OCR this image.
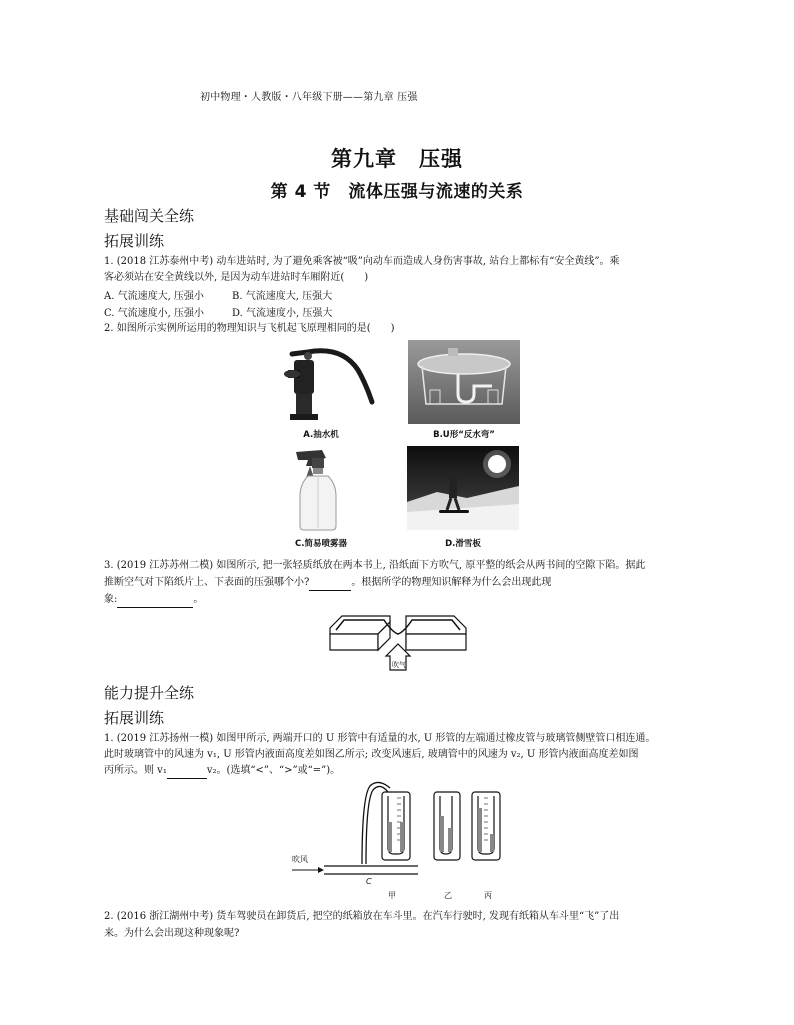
初中物理・人教版・八年级下册——第九章 压强
第九章　压强
第 4 节　流体压强与流速的关系
基础闯关全练
拓展训练
1. (2018 江苏泰州中考) 动车进站时, 为了避免乘客被“吸”向动车而造成人身伤害事故, 站台上都标有“安全黄线”。乘
客必须站在安全黄线以外, 是因为动车进站时车厢附近(　　)
A. 气流速度大, 压强小	B. 气流速度大, 压强大
C. 气流速度小, 压强小	D. 气流速度小, 压强大
2. 如图所示实例所运用的物理知识与飞机起飞原理相同的是(　　)
A.抽水机	B.U形“反水弯”
C.简易喷雾器	D.滑雪板
3. (2019 江苏苏州二模) 如图所示, 把一张轻质纸放在两本书上, 沿纸面下方吹气, 原平整的纸会从两书间的空隙下陷。据此
推断空气对下陷纸片上、下表面的压强哪个小?	。根据所学的物理知识解释为什么会出现此现
象:	。
吹气
能力提升全练
拓展训练
1. (2019 江苏扬州一模) 如图甲所示, 两端开口的 U 形管中有适量的水, U 形管的左端通过橡皮管与玻璃管侧壁管口相连通。
此时玻璃管中的风速为 v₁, U 形管内液面高度差如图乙所示; 改变风速后, 玻璃管中的风速为 v₂, U 形管内液面高度差如图
丙所示。则 v₁	v₂。(选填“<”、“>”或“=”)。
吹风
C
甲	乙	丙
2. (2016 浙江湖州中考) 货车驾驶员在卸货后, 把空的纸箱放在车斗里。在汽车行驶时, 发现有纸箱从车斗里“飞”了出
来。为什么会出现这种现象呢?
